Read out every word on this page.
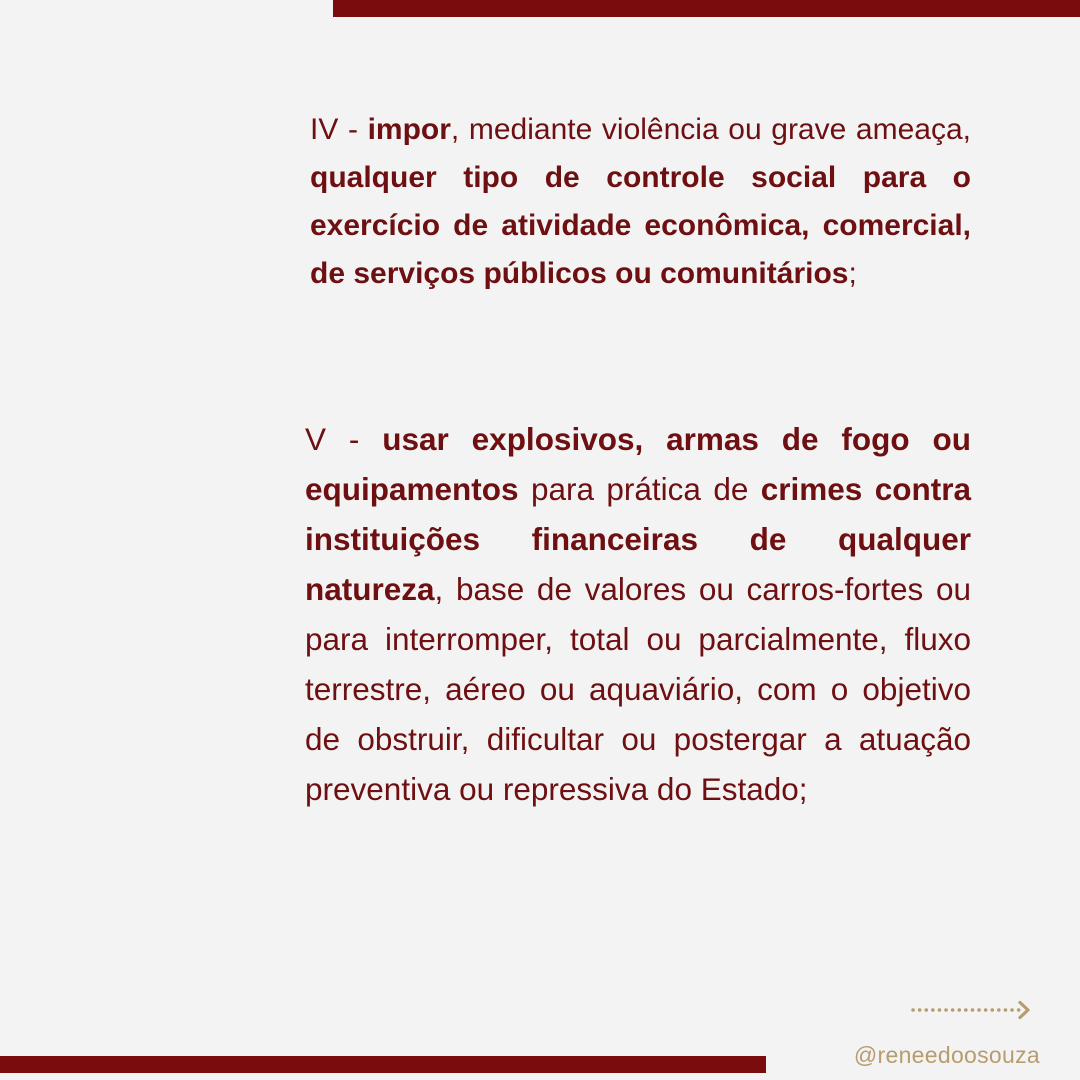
IV - impor, mediante violência ou grave ameaça, qualquer tipo de controle social para o exercício de atividade econômica, comercial, de serviços públicos ou comunitários;

V - usar explosivos, armas de fogo ou equipamentos para prática de crimes contra instituições financeiras de qualquer natureza, base de valores ou carros-fortes ou para interromper, total ou parcialmente, fluxo terrestre, aéreo ou aquaviário, com o objetivo de obstruir, dificultar ou postergar a atuação preventiva ou repressiva do Estado;

@reneedoosouza
